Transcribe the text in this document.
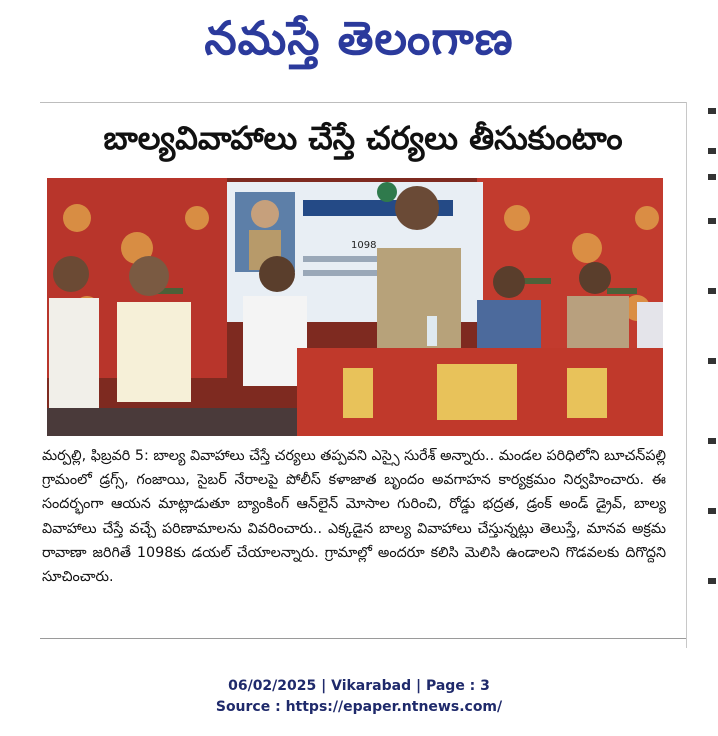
నమస్తే తెలంగాణ
బాల్యవివాహాలు చేస్తే చర్యలు తీసుకుంటాం
1098
మర్పల్లి, ఫిబ్రవరి 5: బాల్య వివాహాలు చేస్తే చర్యలు తప్పవని ఎస్సై సురేశ్ అన్నారు.. మండల పరిధిలోని బూచన్‌పల్లి గ్రామంలో డ్రగ్స్, గంజాయి, సైబర్ నేరాలపై పోలీస్ కళాజాత బృందం అవగాహన కార్యక్రమం నిర్వహించారు. ఈ సందర్భంగా ఆయన మాట్లాడుతూ బ్యాంకింగ్ ఆన్‌లైన్ మోసాల గురించి, రోడ్డు భద్రత, డ్రంక్ అండ్ డ్రైవ్, బాల్య వివాహాలు చేస్తే వచ్చే పరిణామాలను వివరించారు.. ఎక్కడైన బాల్య వివాహాలు చేస్తున్నట్లు తెలుస్తే, మానవ అక్రమ రావాణా జరిగితే 1098కు డయల్ చేయాలన్నారు. గ్రామాల్లో అందరూ కలిసి మెలిసి ఉండాలని గొడవలకు దిగొద్దని సూచించారు.
06/02/2025 | Vikarabad | Page : 3
Source : https://epaper.ntnews.com/
